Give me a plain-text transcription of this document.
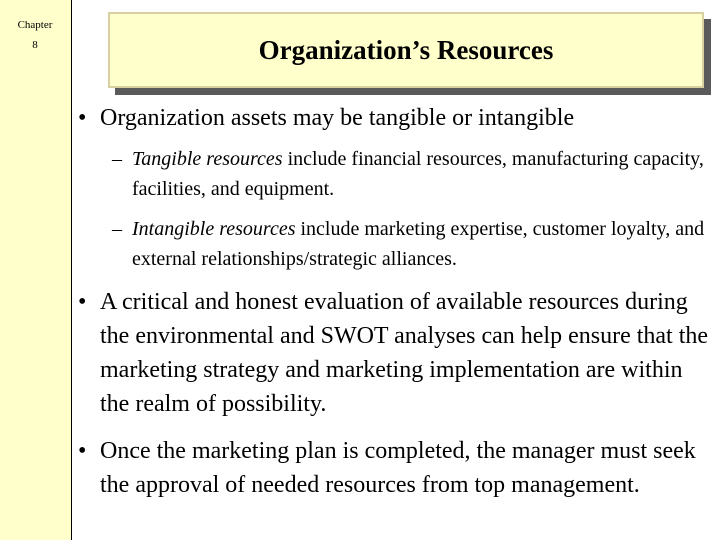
Chapter
8	Organization’s Resources
• Organization assets may be tangible or intangible
– Tangible resources include financial resources, manufacturing capacity, facilities, and equipment.
– Intangible resources include marketing expertise, customer loyalty, and external relationships/strategic alliances.
• A critical and honest evaluation of available resources during the environmental and SWOT analyses can help ensure that the marketing strategy and marketing implementation are within the realm of possibility.
• Once the marketing plan is completed, the manager must seek the approval of needed resources from top management.
